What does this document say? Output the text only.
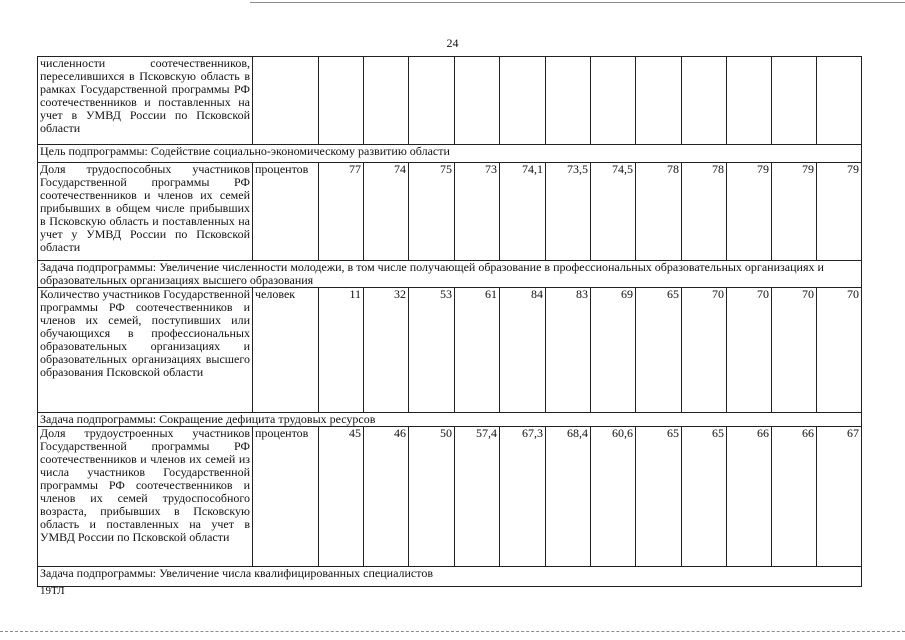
24
численности соотечественников, переселившихся в Псковскую область в рамках Государственной программы РФ соотечественников и поставленных на учет в УМВД России по Псковской области													
Цель подпрограммы: Содействие социально-экономическому развитию области													
Доля трудоспособных участников Государственной программы РФ соотечественников и членов их семей прибывших в общем числе прибывших в Псковскую область и поставленных на учет у УМВД России по Псковской области	процентов	77	74	75	73	74,1	73,5	74,5	78	78	79	79	79
Задача подпрограммы: Увеличение численности молодежи, в том числе получающей образование в профессиональных образовательных организациях и образовательных организациях высшего образования													
Количество участников Государственной программы РФ соотечественников и членов их семей, поступивших или обучающихся в профессиональных образовательных организациях и образовательных организациях высшего образования Псковской области	человек	11	32	53	61	84	83	69	65	70	70	70	70
Задача подпрограммы: Сокращение дефицита трудовых ресурсов													
Доля трудоустроенных участников Государственной программы РФ соотечественников и членов их семей из числа участников Государственной программы РФ соотечественников и членов их семей трудоспособного возраста, прибывших в Псковскую область и поставленных на учет в УМВД России по Псковской области	процентов	45	46	50	57,4	67,3	68,4	60,6	65	65	66	66	67
Задача подпрограммы: Увеличение числа квалифицированных специалистов													
19ТЛ
